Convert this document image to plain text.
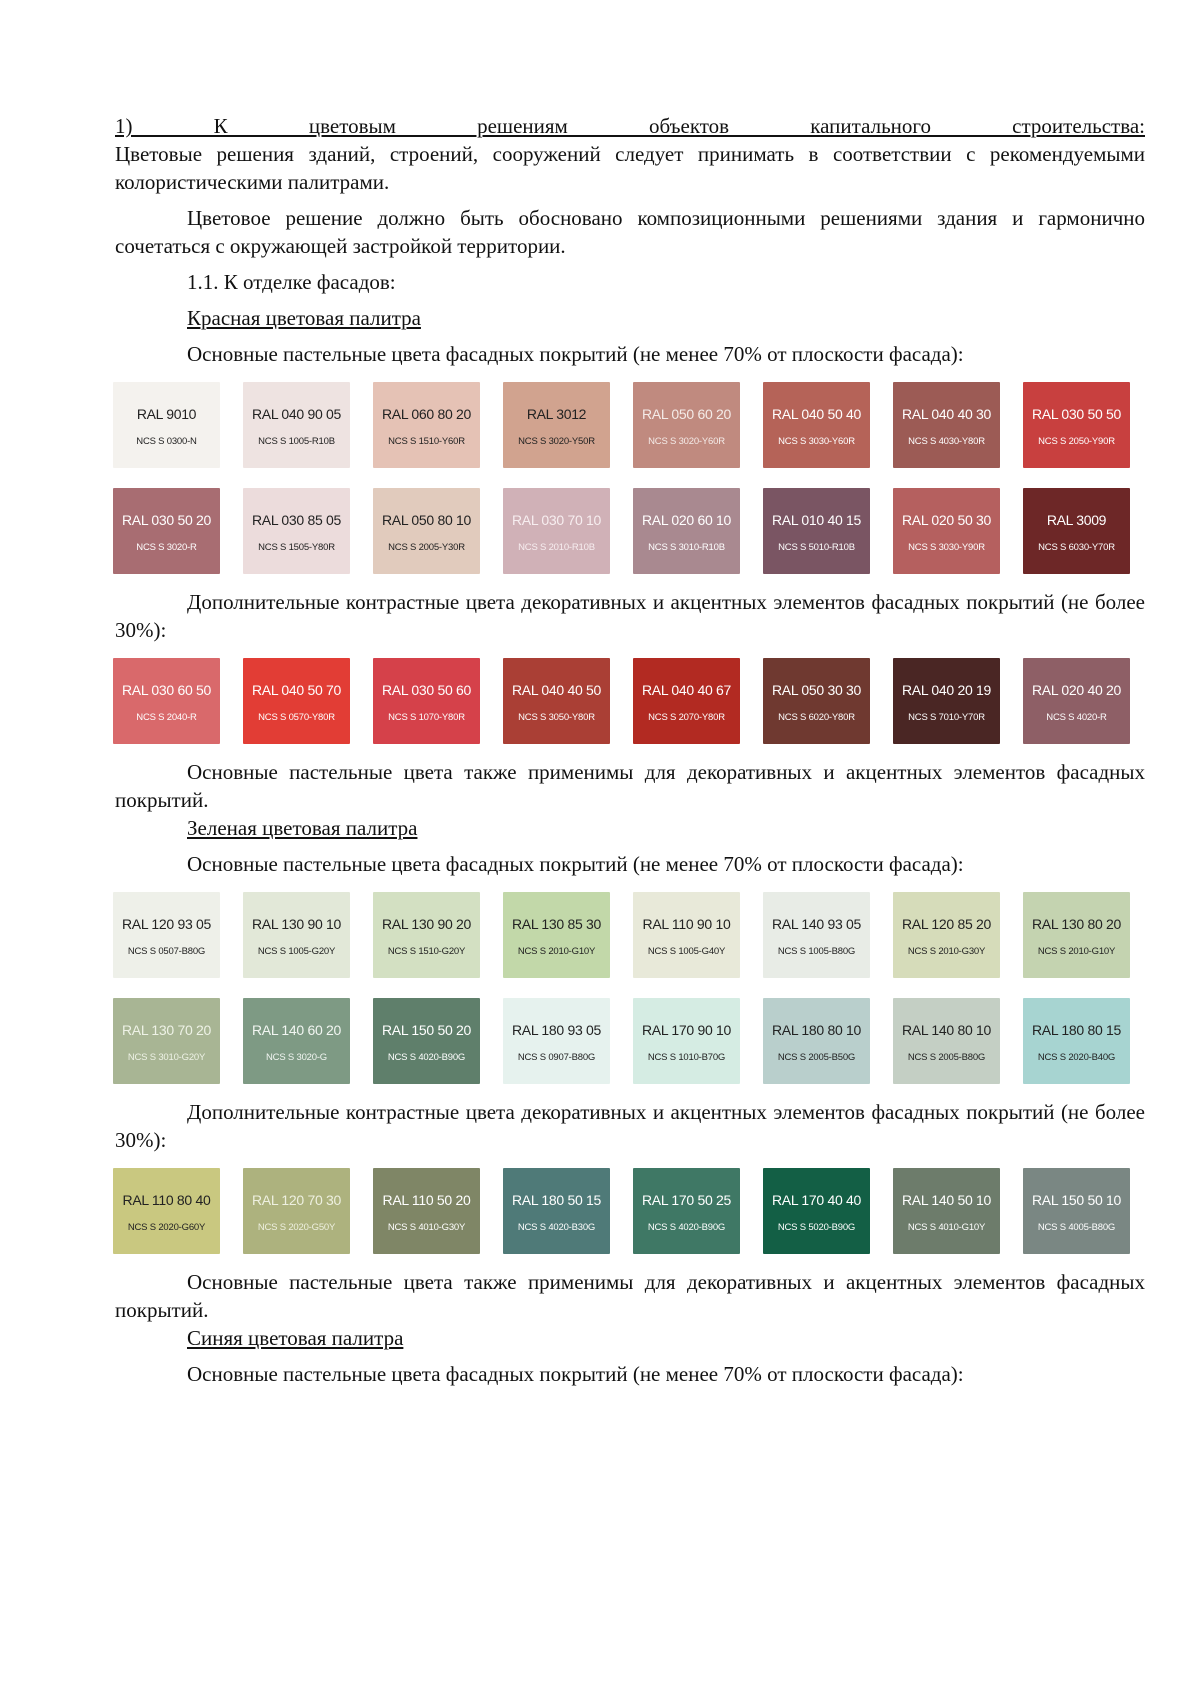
1) К цветовым решениям объектов капитального строительства:

Цветовые решения зданий, строений, сооружений следует принимать в соответствии с рекомендуемыми колористическими палитрами.

Цветовое решение должно быть обосновано композиционными решениями здания и гармонично сочетаться с окружающей застройкой территории.

1.1. К отделке фасадов:
Красная цветовая палитра
Основные пастельные цвета фасадных покрытий (не менее 70% от плоскости фасада):
RAL 9010
NCS S 0300-N
RAL 040 90 05
NCS S 1005-R10B
RAL 060 80 20
NCS S 1510-Y60R
RAL 3012
NCS S 3020-Y50R
RAL 050 60 20
NCS S 3020-Y60R
RAL 040 50 40
NCS S 3030-Y60R
RAL 040 40 30
NCS S 4030-Y80R
RAL 030 50 50
NCS S 2050-Y90R
RAL 030 50 20
NCS S 3020-R
RAL 030 85 05
NCS S 1505-Y80R
RAL 050 80 10
NCS S 2005-Y30R
RAL 030 70 10
NCS S 2010-R10B
RAL 020 60 10
NCS S 3010-R10B
RAL 010 40 15
NCS S 5010-R10B
RAL 020 50 30
NCS S 3030-Y90R
RAL 3009
NCS S 6030-Y70R

Дополнительные контрастные цвета декоративных и акцентных элементов фасадных покрытий (не более 30%):

RAL 030 60 50
NCS S 2040-R
RAL 040 50 70
NCS S 0570-Y80R
RAL 030 50 60
NCS S 1070-Y80R
RAL 040 40 50
NCS S 3050-Y80R
RAL 040 40 67
NCS S 2070-Y80R
RAL 050 30 30
NCS S 6020-Y80R
RAL 040 20 19
NCS S 7010-Y70R
RAL 020 40 20
NCS S 4020-R

Основные пастельные цвета также применимы для декоративных и акцентных элементов фасадных покрытий.

Зеленая цветовая палитра
Основные пастельные цвета фасадных покрытий (не менее 70% от плоскости фасада):
RAL 120 93 05
NCS S 0507-B80G
RAL 130 90 10
NCS S 1005-G20Y
RAL 130 90 20
NCS S 1510-G20Y
RAL 130 85 30
NCS S 2010-G10Y
RAL 110 90 10
NCS S 1005-G40Y
RAL 140 93 05
NCS S 1005-B80G
RAL 120 85 20
NCS S 2010-G30Y
RAL 130 80 20
NCS S 2010-G10Y
RAL 130 70 20
NCS S 3010-G20Y
RAL 140 60 20
NCS S 3020-G
RAL 150 50 20
NCS S 4020-B90G
RAL 180 93 05
NCS S 0907-B80G
RAL 170 90 10
NCS S 1010-B70G
RAL 180 80 10
NCS S 2005-B50G
RAL 140 80 10
NCS S 2005-B80G
RAL 180 80 15
NCS S 2020-B40G

Дополнительные контрастные цвета декоративных и акцентных элементов фасадных покрытий (не более 30%):

RAL 110 80 40
NCS S 2020-G60Y
RAL 120 70 30
NCS S 2020-G50Y
RAL 110 50 20
NCS S 4010-G30Y
RAL 180 50 15
NCS S 4020-B30G
RAL 170 50 25
NCS S 4020-B90G
RAL 170 40 40
NCS S 5020-B90G
RAL 140 50 10
NCS S 4010-G10Y
RAL 150 50 10
NCS S 4005-B80G

Основные пастельные цвета также применимы для декоративных и акцентных элементов фасадных покрытий.

Синяя цветовая палитра
Основные пастельные цвета фасадных покрытий (не менее 70% от плоскости фасада):
